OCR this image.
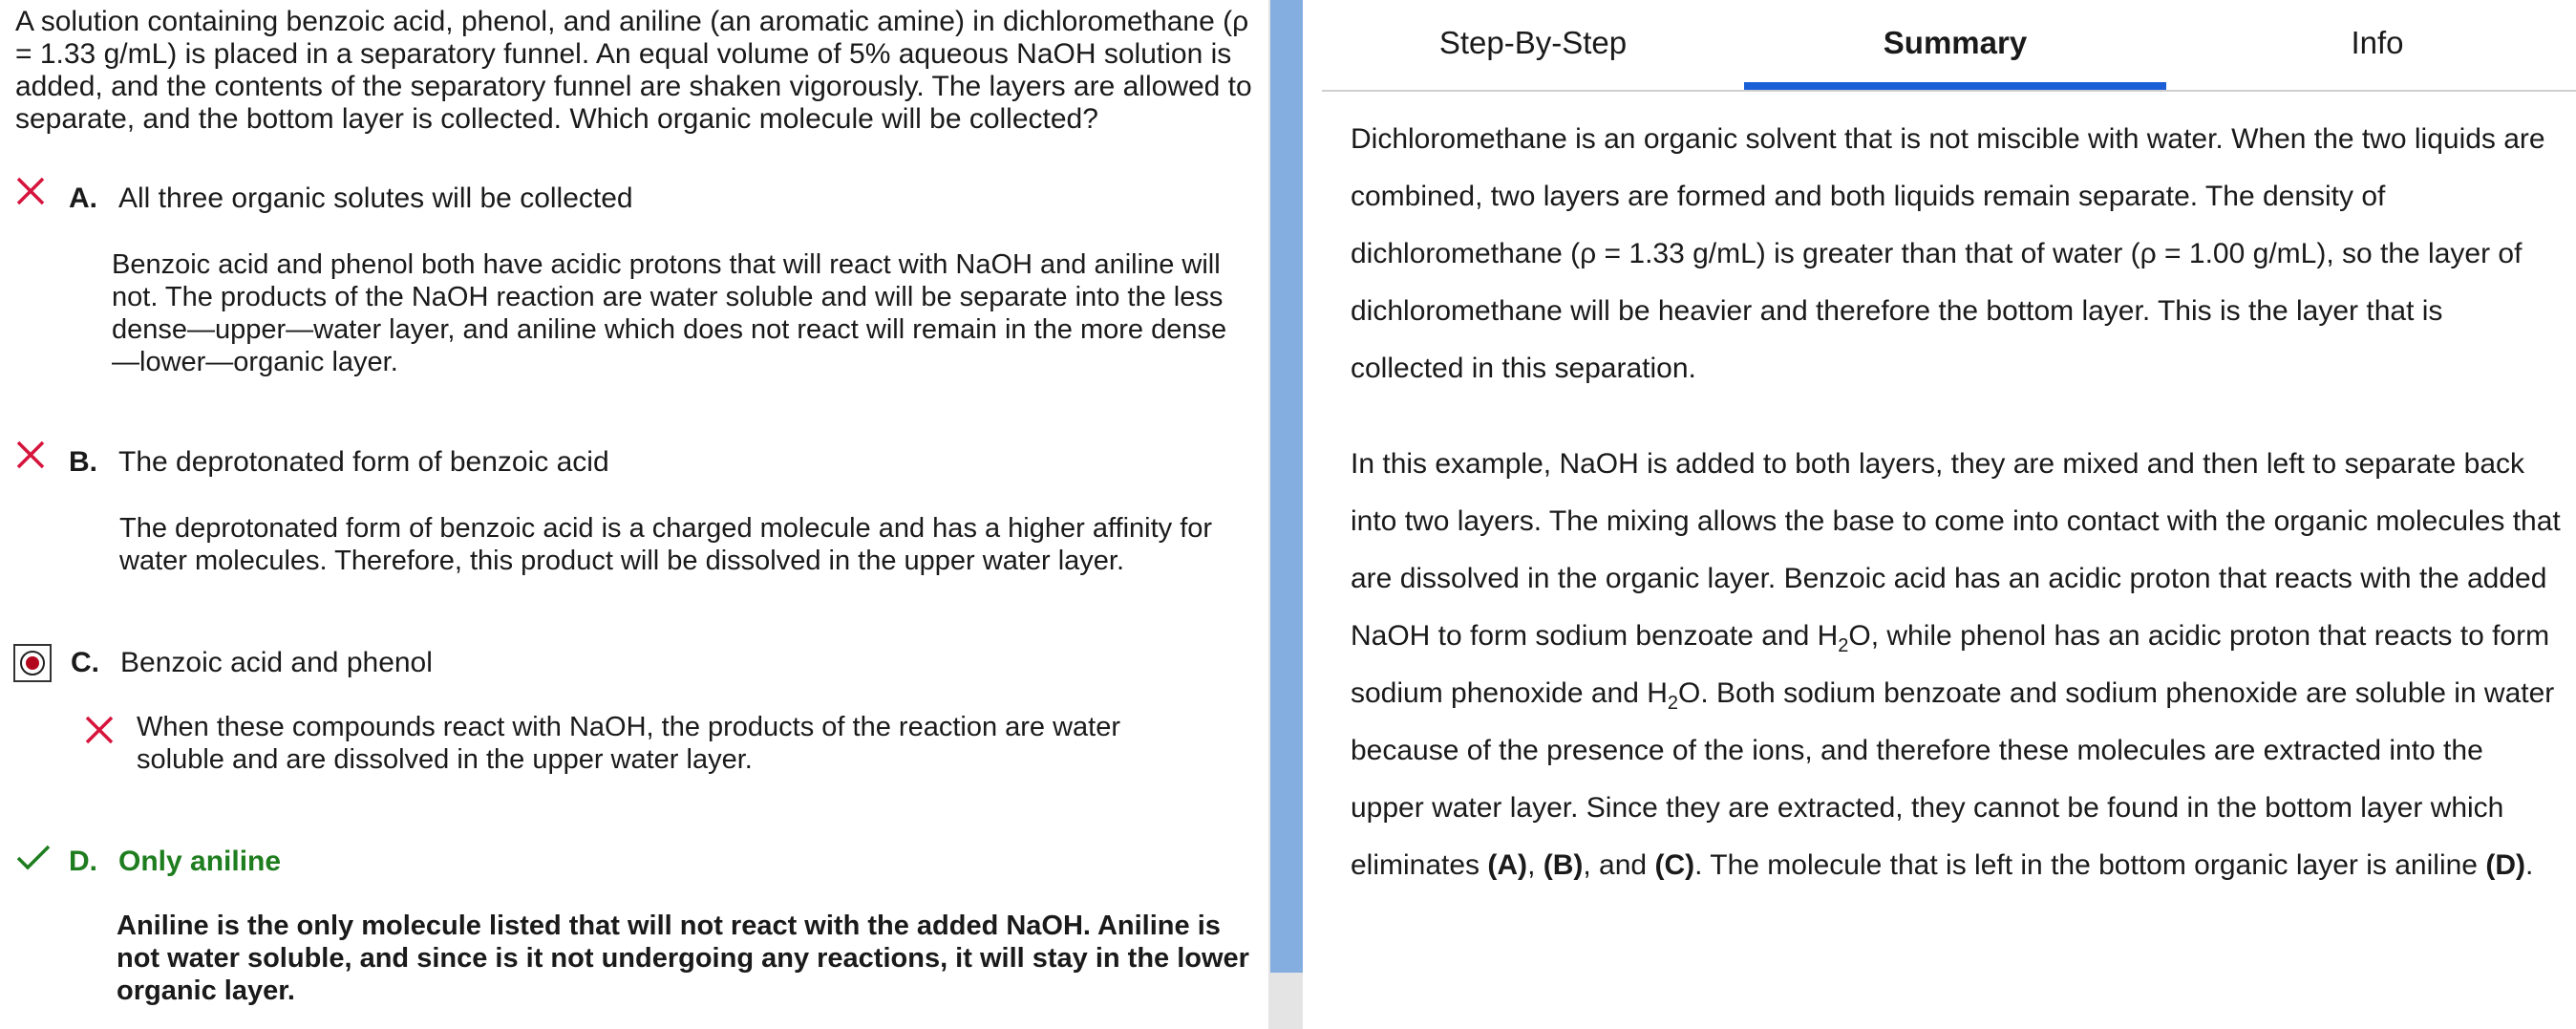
A solution containing benzoic acid, phenol, and aniline (an aromatic amine) in dichloromethane (ρ = 1.33 g/mL) is placed in a separatory funnel. An equal volume of 5% aqueous NaOH solution is added, and the contents of the separatory funnel are shaken vigorously. The layers are allowed to separate, and the bottom layer is collected. Which organic molecule will be collected?

A. All three organic solutes will be collected
Benzoic acid and phenol both have acidic protons that will react with NaOH and aniline will not. The products of the NaOH reaction are water soluble and will be separate into the less dense—upper—water layer, and aniline which does not react will remain in the more dense—lower—organic layer.
B. The deprotonated form of benzoic acid
The deprotonated form of benzoic acid is a charged molecule and has a higher affinity for water molecules. Therefore, this product will be dissolved in the upper water layer.
C. Benzoic acid and phenol
When these compounds react with NaOH, the products of the reaction are water soluble and are dissolved in the upper water layer.
D. Only aniline
Aniline is the only molecule listed that will not react with the added NaOH. Aniline is not water soluble, and since is it not undergoing any reactions, it will stay in the lower organic layer.
Step-By-Step	Summary	Info

Dichloromethane is an organic solvent that is not miscible with water. When the two liquids are combined, two layers are formed and both liquids remain separate. The density of dichloromethane (ρ = 1.33 g/mL) is greater than that of water (ρ = 1.00 g/mL), so the layer of dichloromethane will be heavier and therefore the bottom layer. This is the layer that is collected in this separation.

In this example, NaOH is added to both layers, they are mixed and then left to separate back into two layers. The mixing allows the base to come into contact with the organic molecules that are dissolved in the organic layer. Benzoic acid has an acidic proton that reacts with the added NaOH to form sodium benzoate and $H_2O$, while phenol has an acidic proton that reacts to form sodium phenoxide and $H_2O$. Both sodium benzoate and sodium phenoxide are soluble in water because of the presence of the ions, and therefore these molecules are extracted into the upper water layer. Since they are extracted, they cannot be found in the bottom layer which eliminates (A), (B), and (C). The molecule that is left in the bottom organic layer is aniline (D).
